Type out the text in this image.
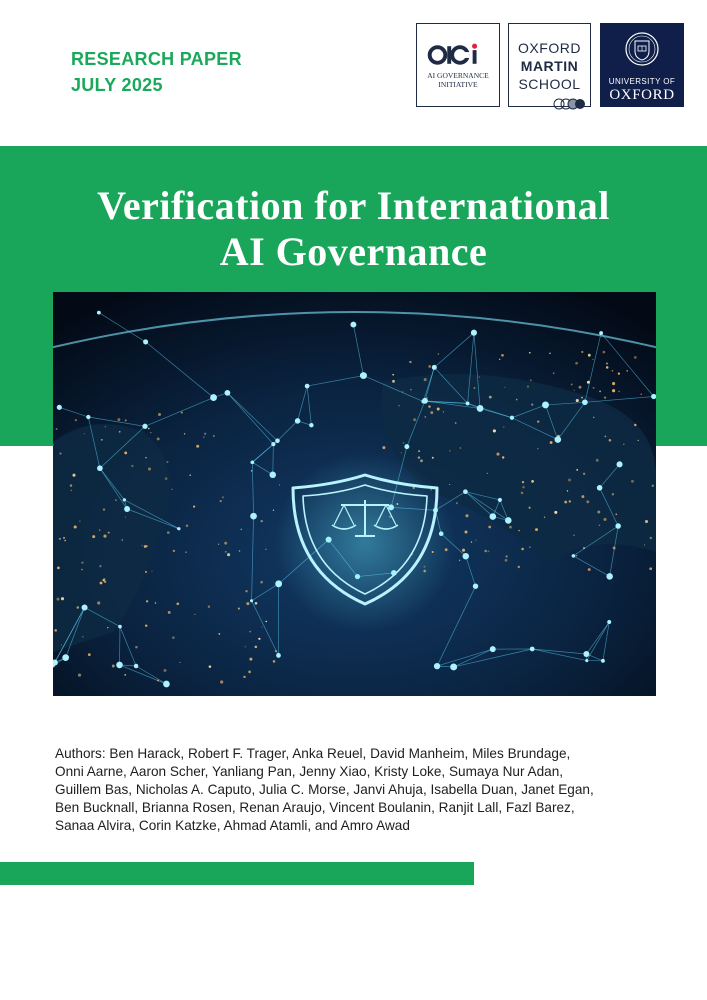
RESEARCH PAPER
JULY 2025	AI GOVERNANCE
INITIATIVE
OXFORD
MARTIN
SCHOOL	UNIVERSITY OF
OXFORD
Verification for International
AI Governance
Authors: Ben Harack, Robert F. Trager, Anka Reuel, David Manheim, Miles Brundage,
Onni Aarne, Aaron Scher, Yanliang Pan, Jenny Xiao, Kristy Loke, Sumaya Nur Adan,
Guillem Bas, Nicholas A. Caputo, Julia C. Morse, Janvi Ahuja, Isabella Duan, Janet Egan,
Ben Bucknall, Brianna Rosen, Renan Araujo, Vincent Boulanin, Ranjit Lall, Fazl Barez,
Sanaa Alvira, Corin Katzke, Ahmad Atamli, and Amro Awad
